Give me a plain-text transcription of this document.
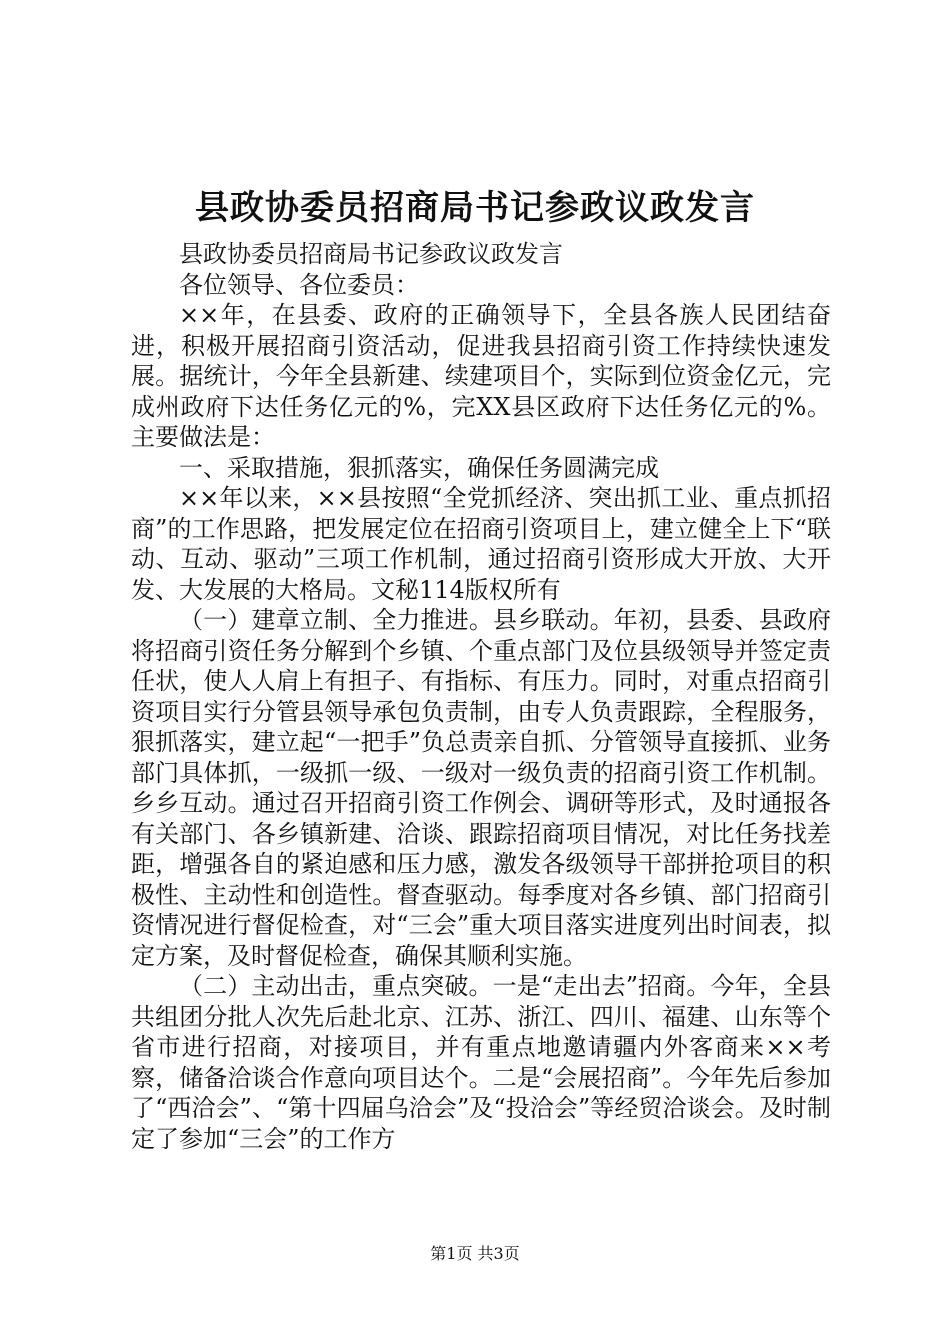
县政协委员招商局书记参政议政发言

县政协委员招商局书记参政议政发言

各位领导、各位委员：

××年，在县委、政府的正确领导下，全县各族人民团结奋进，积极开展招商引资活动，促进我县招商引资工作持续快速发展。据统计，今年全县新建、续建项目个，实际到位资金亿元，完成州政府下达任务亿元的%，完XX县区政府下达任务亿元的%。主要做法是：

一、采取措施，狠抓落实，确保任务圆满完成

××年以来，××县按照“全党抓经济、突出抓工业、重点抓招商”的工作思路，把发展定位在招商引资项目上，建立健全上下“联动、互动、驱动”三项工作机制，通过招商引资形成大开放、大开发、大发展的大格局。文秘114版权所有

（一）建章立制、全力推进。县乡联动。年初，县委、县政府将招商引资任务分解到个乡镇、个重点部门及位县级领导并签定责任状，使人人肩上有担子、有指标、有压力。同时，对重点招商引资项目实行分管县领导承包负责制，由专人负责跟踪，全程服务，狠抓落实，建立起“一把手”负总责亲自抓、分管领导直接抓、业务部门具体抓，一级抓一级、一级对一级负责的招商引资工作机制。乡乡互动。通过召开招商引资工作例会、调研等形式，及时通报各有关部门、各乡镇新建、洽谈、跟踪招商项目情况，对比任务找差距，增强各自的紧迫感和压力感，激发各级领导干部拼抢项目的积极性、主动性和创造性。督查驱动。每季度对各乡镇、部门招商引资情况进行督促检查，对“三会”重大项目落实进度列出时间表，拟定方案，及时督促检查，确保其顺利实施。

（二）主动出击，重点突破。一是“走出去”招商。今年，全县共组团分批人次先后赴北京、江苏、浙江、四川、福建、山东等个省市进行招商，对接项目，并有重点地邀请疆内外客商来××考察，储备洽谈合作意向项目达个。二是“会展招商”。今年先后参加了“西洽会”、“第十四届乌洽会”及“投洽会”等经贸洽谈会。及时制定了参加“三会”的工作方

第1页 共3页
